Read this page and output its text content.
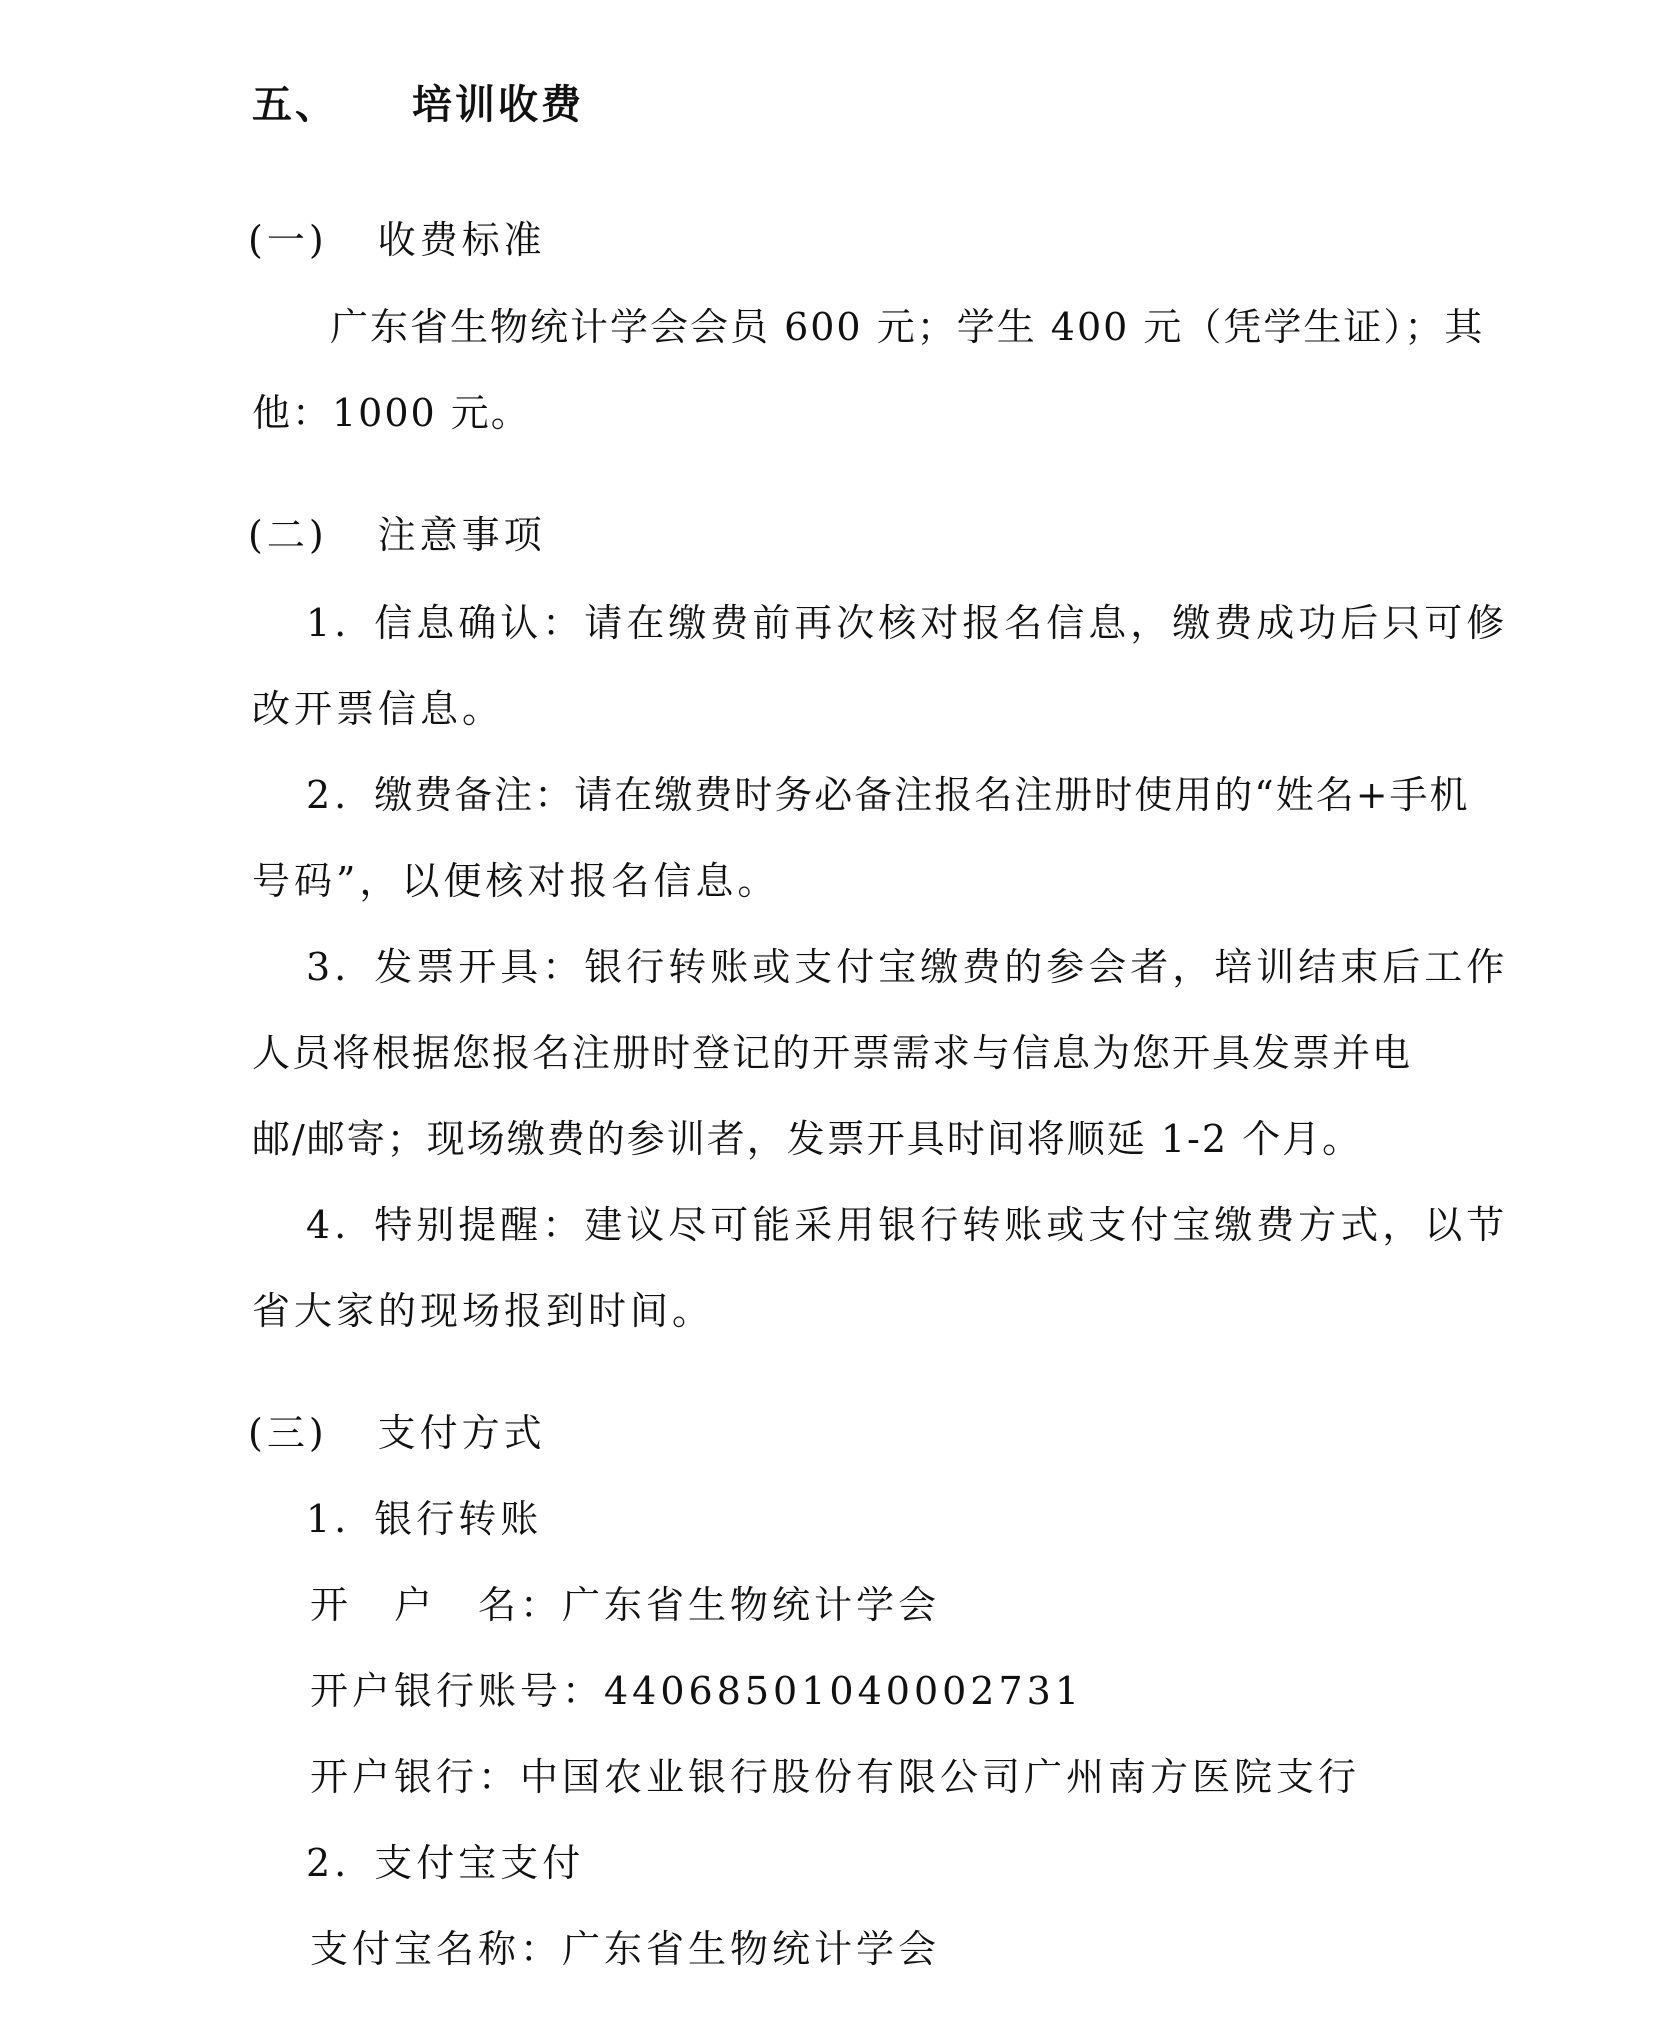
五、 培训收费
(一) 收费标准
广东省生物统计学会会员 600 元；学生 400 元（凭学生证）；其
他：1000 元。
(二) 注意事项
1. 信息确认：请在缴费前再次核对报名信息，缴费成功后只可修
改开票信息。
2. 缴费备注：请在缴费时务必备注报名注册时使用的“姓名+手机
号码”，以便核对报名信息。
3. 发票开具：银行转账或支付宝缴费的参会者，培训结束后工作
人员将根据您报名注册时登记的开票需求与信息为您开具发票并电
邮/邮寄；现场缴费的参训者，发票开具时间将顺延 1-2 个月。
4. 特别提醒：建议尽可能采用银行转账或支付宝缴费方式，以节
省大家的现场报到时间。
(三) 支付方式
1. 银行转账
开　户　名：广东省生物统计学会
开户银行账号：44068501040002731
开户银行：中国农业银行股份有限公司广州南方医院支行
2. 支付宝支付
支付宝名称：广东省生物统计学会
